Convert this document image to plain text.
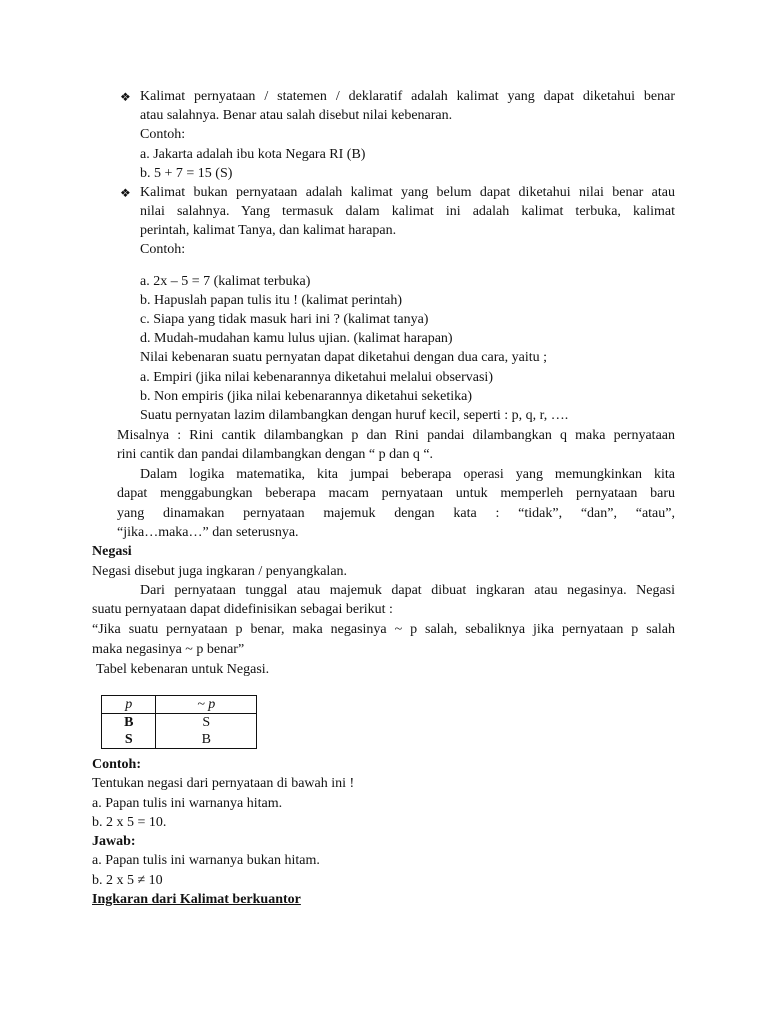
❖ Kalimat pernyataan / statemen / deklaratif adalah kalimat yang dapat diketahui benar
atau salahnya. Benar atau salah disebut nilai kebenaran.
Contoh:
a. Jakarta adalah ibu kota Negara RI (B)
b. 5 + 7 = 15 (S)
❖ Kalimat bukan pernyataan adalah kalimat yang belum dapat diketahui nilai benar atau
nilai salahnya. Yang termasuk dalam kalimat ini adalah kalimat terbuka, kalimat
perintah, kalimat Tanya, dan kalimat harapan.
Contoh:
a. 2x – 5 = 7 (kalimat terbuka)
b. Hapuslah papan tulis itu ! (kalimat perintah)
c. Siapa yang tidak masuk hari ini ? (kalimat tanya)
d. Mudah-mudahan kamu lulus ujian. (kalimat harapan)
Nilai kebenaran suatu pernyatan dapat diketahui dengan dua cara, yaitu ;
a. Empiri (jika nilai kebenarannya diketahui melalui observasi)
b. Non empiris (jika nilai kebenarannya diketahui seketika)
Suatu pernyatan lazim dilambangkan dengan huruf kecil, seperti : p, q, r, ….
Misalnya : Rini cantik dilambangkan p dan Rini pandai dilambangkan q maka pernyataan
rini cantik dan pandai dilambangkan dengan “ p dan q “.
Dalam logika matematika, kita jumpai beberapa operasi yang memungkinkan kita
dapat menggabungkan beberapa macam pernyataan untuk memperleh pernyataan baru
yang dinamakan pernyataan majemuk dengan kata : “tidak”, “dan”, “atau”,
“jika…maka…” dan seterusnya.
Negasi
Negasi disebut juga ingkaran / penyangkalan.
Dari pernyataan tunggal atau majemuk dapat dibuat ingkaran atau negasinya. Negasi
suatu pernyataan dapat didefinisikan sebagai berikut :
“Jika suatu pernyataan p benar, maka negasinya ~ p salah, sebaliknya jika pernyataan p salah
maka negasinya ~ p benar”
Tabel kebenaran untuk Negasi.
p	~ p
B	S
S	B
Contoh:
Tentukan negasi dari pernyataan di bawah ini !
a. Papan tulis ini warnanya hitam.
b. 2 x 5 = 10.
Jawab:
a. Papan tulis ini warnanya bukan hitam.
b. 2 x 5 ≠ 10
Ingkaran dari Kalimat berkuantor
